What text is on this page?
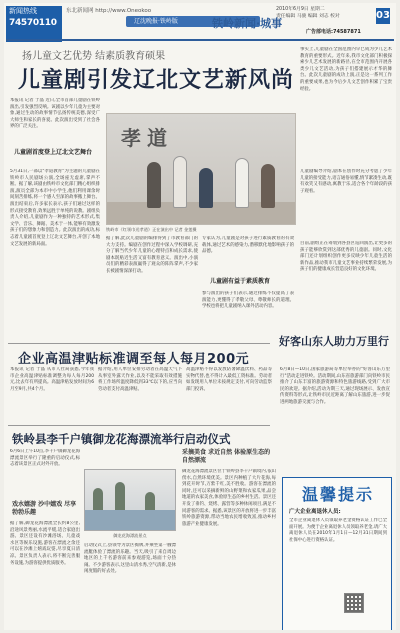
新闻热线
74570110
东北新闻网 http://www.Oneokoo
辽沈晚报·铁岭版	铁岭新闻·城事
2010年6月9日 星期二
责任编辑 马骏 编辑 刘志 校对
广告部电话:74587871
03
扬儿童文艺优势 结素质教育硕果
儿童剧引发辽北文艺新风尚
本报讯 记者 于晶 近日,全市首部儿童剧在铁岭演出,引发强烈反响。该剧以少年儿童为主要对象,通过生动的故事情节弘扬传统美德,深受广大师生和家长的喜爱。此次演出受到了社会各界的广泛关注。
儿童剧首度登上辽北文艺舞台
5月31日,一部以"孝道教育"为主题的儿童剧在铁岭市人民剧场公演,全场座无虚席,掌声不断。据了解,该剧由铁岭市文化部门精心组织排演,演员全部为本市中小学生,他们利用课余时间刻苦排练,将一个感人至深的故事搬上舞台。演出结束后,许多家长表示,孩子们通过这样的形式接受教育,效果远胜于单纯的说教。剧组负责人介绍,儿童剧作为一种独特的艺术形式,集文学、音乐、舞蹈、美术于一体,能够有效激发孩子们的想象力和创造力。此次演出的成功,标志着儿童剧首度登上辽北文艺舞台,开创了本地文艺发展的新局面。
孝道
铁岭市《红领巾送孝道》正在演出中 记者 金莲摄
据了解,此次儿童剧的编排得到了市教育部门的大力支持。编剧在创作过程中深入学校调研,充分了解当代少年儿童的心理特点和成长需求,使剧本既贴近生活又富有教育意义。演出中,小演员们的精彩表演赢得了观众的阵阵掌声,不少家长被剧情深深打动。
专家认为,儿童剧是对孩子进行素质教育的有效载体,通过艺术的感染力,潜移默化地影响孩子的品德。
儿童剧有益于素质教育
参与演出的孩子们表示,通过排练不仅提高了表演能力,更懂得了孝敬父母、尊敬师长的道理。学校也将把儿童剧纳入课外活动内容。
事实上,儿童剧在全国范围内早已成为少儿艺术教育的重要形式。近年来,我市文化部门积极探索少儿艺术发展的新路径,在全市范围内开展各类少儿文艺活动,为孩子们搭建展示才华的舞台。此次儿童剧的成功上演,正是这一系列工作的重要成果,也为今后少儿文艺创作积累了宝贵经验。
儿童剧编导介绍,剧本在创作时充分考虑了少年儿童的接受能力,语言通俗易懂,情节紧凑生动,既有欢笑又有感动,寓教于乐,适合各个年龄段的孩子观看。
目前,剧组正在筹划到各县区巡回演出,让更多的孩子能够欣赏到这部优秀的儿童剧。同时,文化部门还计划组织创作更多反映少年儿童生活的新作品,推动我市儿童文艺事业持续繁荣发展,为孩子们的健康成长营造良好的文化环境。
企业高温津贴标准调至每人每月200元
本报讯 记者 于晶 从市人社局获悉,今年我市企业高温津贴标准调整为每人每月200元,比去年有所提高。高温津贴发放时间为6月至9月,共4个月。
据介绍,用人单位安排劳动者在高温天气下从事室外露天作业,以及不能采取有效措施将工作场所温度降低到33℃以下的,应当向劳动者支付高温津贴。
高温津贴不得以发放防暑降温饮料、药品等实物代替,也不得计入最低工资标准。劳动者如发现用人单位未按规定支付,可向劳动监察部门投诉。
好客山东人助力万里行
6月8日—10日,国家旅游局等单位举办的"好客山东万里行"活动走进铁岭。活动期间,山东省旅游部门向铁岭市民推介了山东丰富的旅游资源和特色旅游线路,受到广大市民的欢迎。据介绍,活动为期三天,通过现场展示、发放宣传资料等形式,让铁岭市民近距离了解山东旅游,进一步促进两地旅游交流与合作。
铁岭县李千户镇御龙花海漂流举行启动仪式
6月6日上午10点,李千户镇御龙花海漂流景区举行了隆重的启动仪式,标志着该景区正式对外开放。
戏水嬉游 沙中嬉戏 尽享勃勃乐趣
据了解,御龙花海漂流全长约8公里,沿途风景秀丽,水流平缓,适合家庭出游。景区还设有沙滩浴场、儿童戏水区等娱乐设施,游客在漂流之余还可以在沙滩上嬉戏玩耍,尽享夏日清凉。景区负责人表示,将不断完善服务设施,为游客提供优质服务。
御龙花海漂流景点
启动仪式上,县领导为景区揭牌,并乘坐第一艘漂流艇体验了漂流的乐趣。当天,吸引了来自周边地区的上千名游客前来参观游览,场面十分热闹。不少游客表示,这里山清水秀,空气清新,是休闲度假的好去处。
采摘美食 求近自然 体验原生态的自然漂流
御龙花海漂流景区位于铁岭县李千户镇境内,依山傍水,自然环境优美。景区内种植了大片花海,每到花开时节,万紫千红,美不胜收。游客在漂流的同时,还可以采摘新鲜的山野菜和农家瓜果,品尝地道的农家美食,体验原生态的乡村生活。景区还开发了垂钓、烧烤、露营等多种休闲项目,满足不同游客的需求。据悉,该景区的开放将进一步丰富铁岭旅游资源,带动当地农民增收致富,推动乡村旅游产业健康发展。
温馨提示
广大企业离退休人员:
全市企业离退休人员领取养老金资格认证工作已全面开展。为便于企业离退休人员领取养老金,请广大离退休人员在2010年1月1日—12月31日期间到社保中心进行资格认证。
